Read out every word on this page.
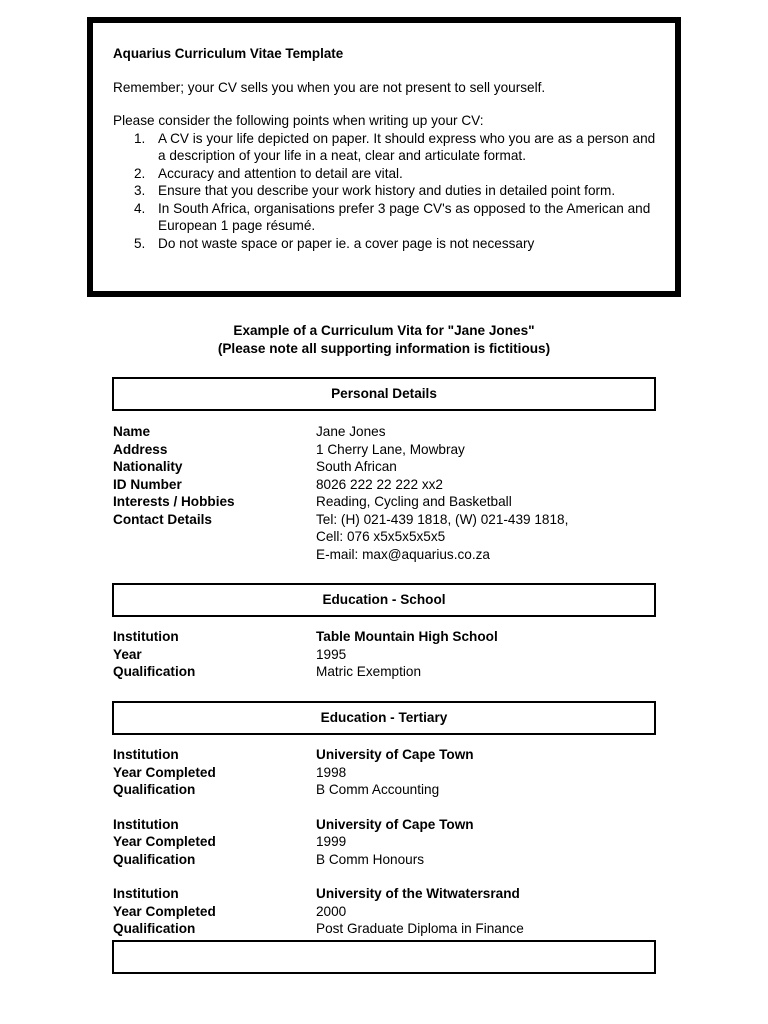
Aquarius Curriculum Vitae Template
Remember; your CV sells you when you are not present to sell yourself.
Please consider the following points when writing up your CV:
1. A CV is your life depicted on paper. It should express who you are as a person and a description of your life in a neat, clear and articulate format.
2. Accuracy and attention to detail are vital.
3. Ensure that you describe your work history and duties in detailed point form.
4. In South Africa, organisations prefer 3 page CV's as opposed to the American and European 1 page résumé.
5. Do not waste space or paper ie. a cover page is not necessary
Example of a Curriculum Vita for "Jane Jones"
(Please note all supporting information is fictitious)
Personal Details
Name	Jane Jones
Address	1 Cherry Lane, Mowbray
Nationality	South African
ID Number	8026 222 22 222 xx2
Interests / Hobbies	Reading, Cycling and Basketball
Contact Details	Tel: (H) 021-439 1818, (W) 021-439 1818,
Cell: 076 x5x5x5x5x5
E-mail: max@aquarius.co.za
Education - School
Institution	Table Mountain High School
Year	1995
Qualification	Matric Exemption
Education - Tertiary
Institution	University of Cape Town
Year Completed	1998
Qualification	B Comm Accounting
Institution	University of Cape Town
Year Completed	1999
Qualification	B Comm Honours
Institution	University of the Witwatersrand
Year Completed	2000
Qualification	Post Graduate Diploma in Finance
